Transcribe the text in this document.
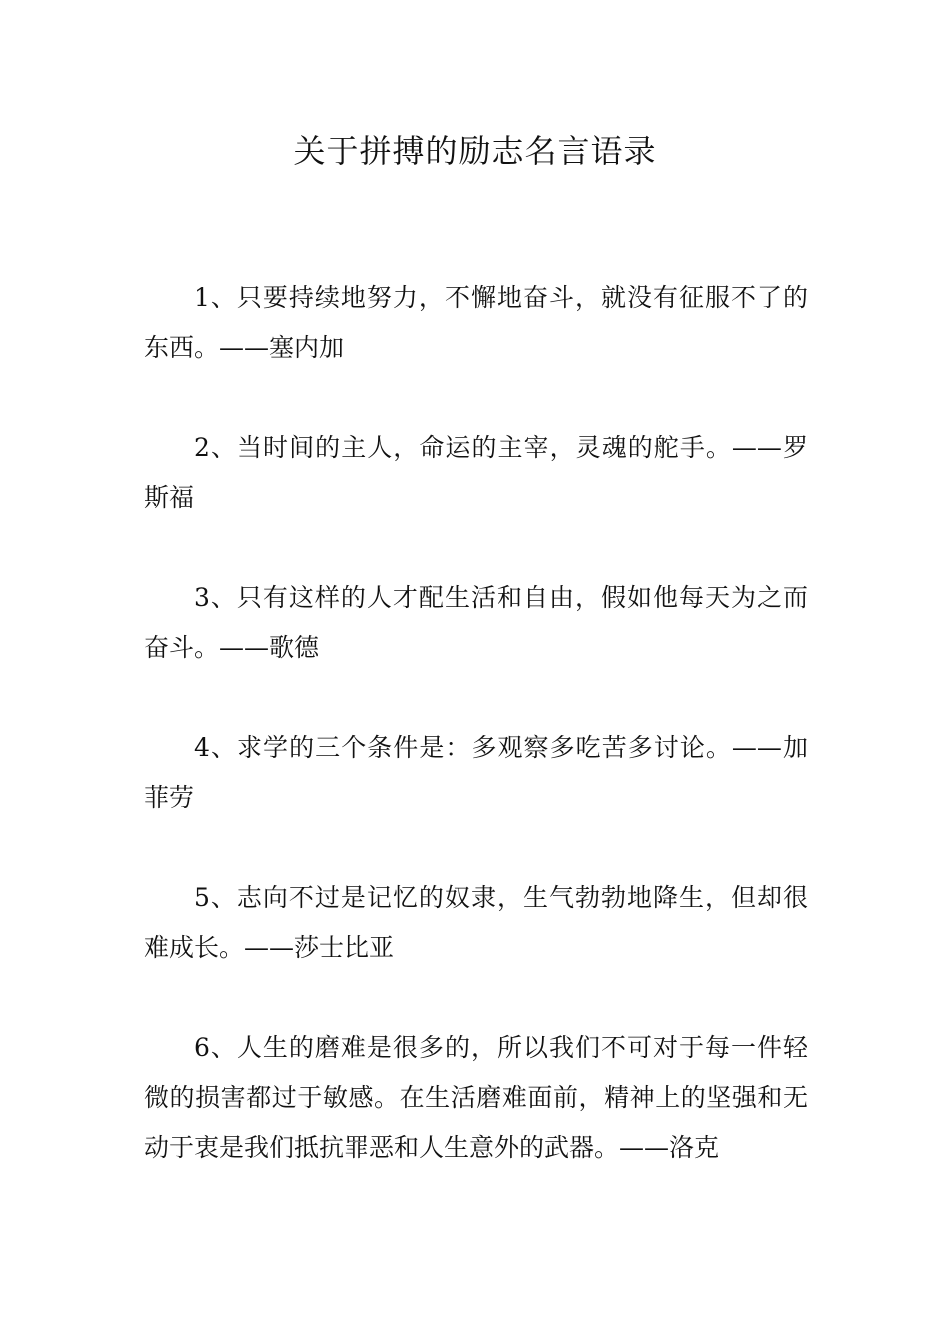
关于拼搏的励志名言语录

1、只要持续地努力，不懈地奋斗，就没有征服不了的东西。——塞内加

2、当时间的主人，命运的主宰，灵魂的舵手。——罗斯福

3、只有这样的人才配生活和自由，假如他每天为之而奋斗。——歌德

4、求学的三个条件是：多观察多吃苦多讨论。——加菲劳

5、志向不过是记忆的奴隶，生气勃勃地降生，但却很难成长。——莎士比亚

6、人生的磨难是很多的，所以我们不可对于每一件轻微的损害都过于敏感。在生活磨难面前，精神上的坚强和无动于衷是我们抵抗罪恶和人生意外的武器。——洛克
